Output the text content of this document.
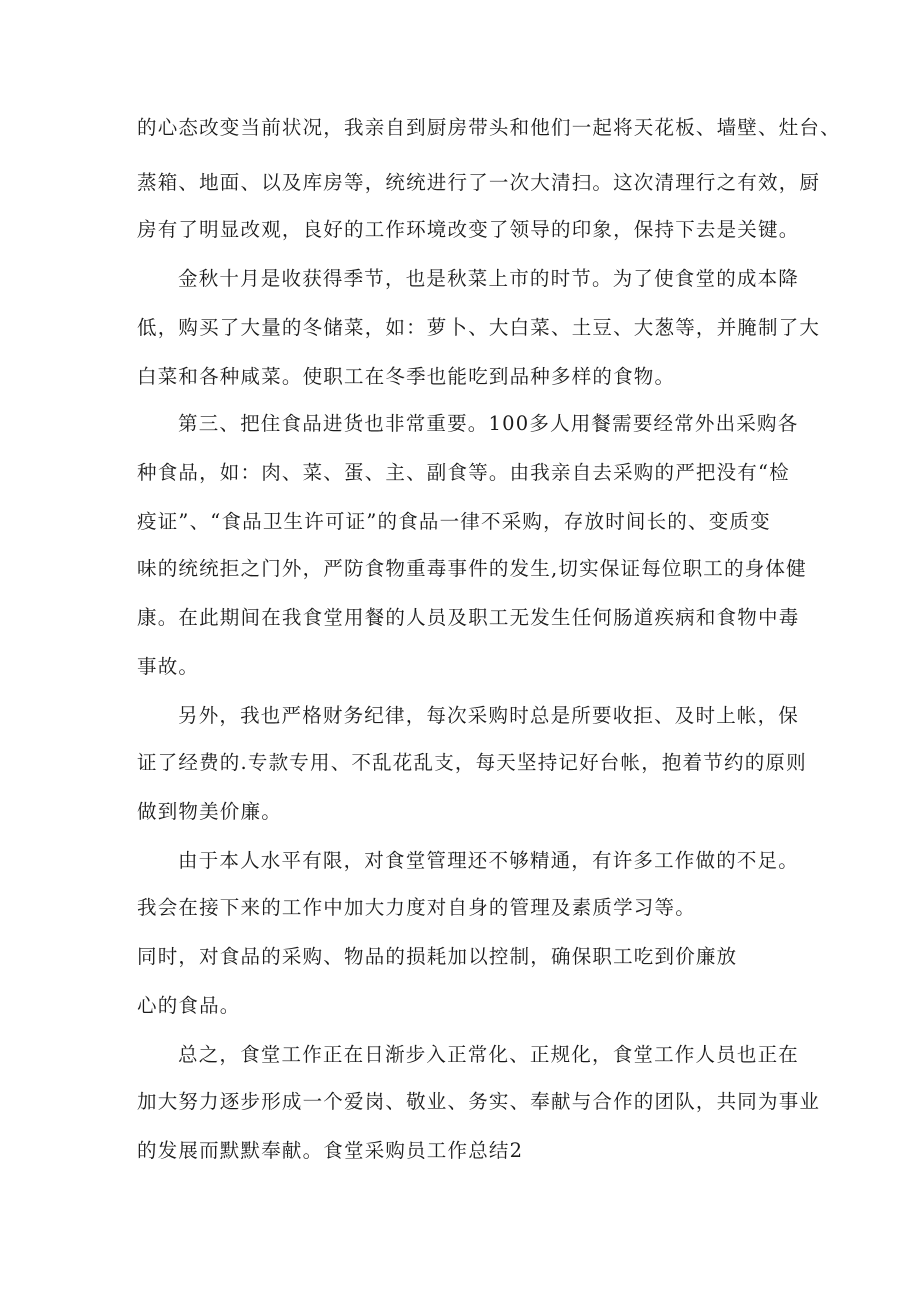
的心态改变当前状况，我亲自到厨房带头和他们一起将天花板、墙壁、灶台、
蒸箱、地面、以及库房等，统统进行了一次大清扫。这次清理行之有效，厨
房有了明显改观，良好的工作环境改变了领导的印象，保持下去是关键。
金秋十月是收获得季节，也是秋菜上市的时节。为了使食堂的成本降
低，购买了大量的冬储菜，如：萝卜、大白菜、土豆、大葱等，并腌制了大
白菜和各种咸菜。使职工在冬季也能吃到品种多样的食物。
第三、把住食品进货也非常重要。100多人用餐需要经常外出采购各
种食品，如：肉、菜、蛋、主、副食等。由我亲自去采购的严把没有“检
疫证”、“食品卫生许可证”的食品一律不采购，存放时间长的、变质变
味的统统拒之门外，严防食物重毒事件的发生,切实保证每位职工的身体健
康。在此期间在我食堂用餐的人员及职工无发生任何肠道疾病和食物中毒
事故。
另外，我也严格财务纪律，每次采购时总是所要收拒、及时上帐，保
证了经费的.专款专用、不乱花乱支，每天坚持记好台帐，抱着节约的原则
做到物美价廉。
由于本人水平有限，对食堂管理还不够精通，有许多工作做的不足。
我会在接下来的工作中加大力度对自身的管理及素质学习等。
同时，对食品的采购、物品的损耗加以控制，确保职工吃到价廉放
心的食品。
总之，食堂工作正在日渐步入正常化、正规化，食堂工作人员也正在
加大努力逐步形成一个爱岗、敬业、务实、奉献与合作的团队，共同为事业
的发展而默默奉献。食堂采购员工作总结2
